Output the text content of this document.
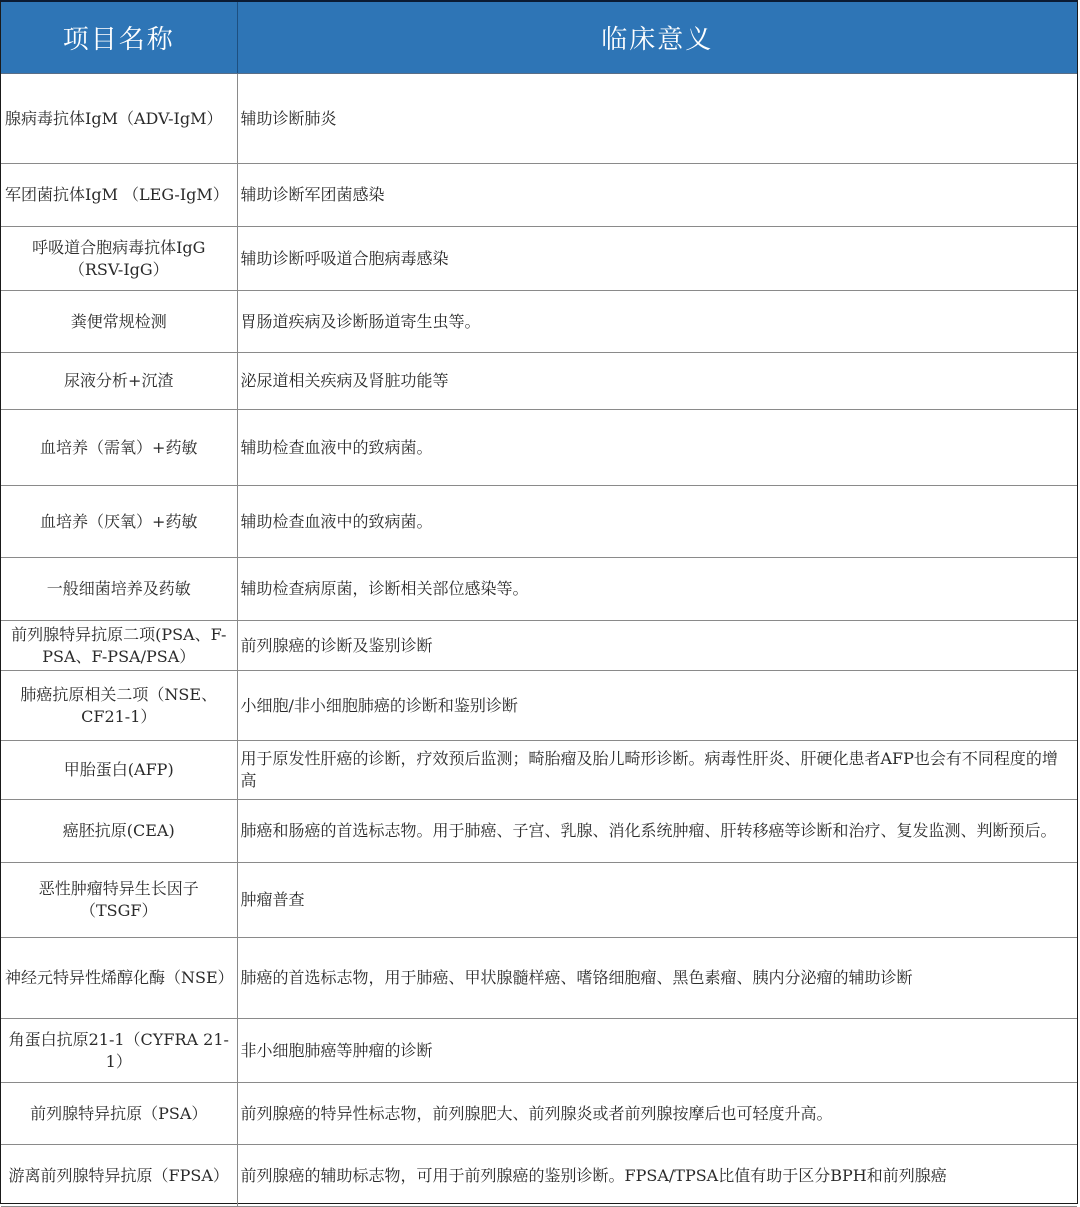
项目名称	临床意义
腺病毒抗体IgM（ADV-IgM）	辅助诊断肺炎
军团菌抗体IgM （LEG-IgM）	辅助诊断军团菌感染
呼吸道合胞病毒抗体IgG（RSV-IgG）	辅助诊断呼吸道合胞病毒感染
粪便常规检测	胃肠道疾病及诊断肠道寄生虫等。
尿液分析+沉渣	泌尿道相关疾病及肾脏功能等
血培养（需氧）+药敏	辅助检查血液中的致病菌。
血培养（厌氧）+药敏	辅助检查血液中的致病菌。
一般细菌培养及药敏	辅助检查病原菌，诊断相关部位感染等。
前列腺特异抗原二项(PSA、F-PSA、F-PSA/PSA）	前列腺癌的诊断及鉴别诊断
肺癌抗原相关二项（NSE、CF21-1）	小细胞/非小细胞肺癌的诊断和鉴别诊断
甲胎蛋白(AFP)	用于原发性肝癌的诊断，疗效预后监测；畸胎瘤及胎儿畸形诊断。病毒性肝炎、肝硬化患者AFP也会有不同程度的增高
癌胚抗原(CEA)	肺癌和肠癌的首选标志物。用于肺癌、子宫、乳腺、消化系统肿瘤、肝转移癌等诊断和治疗、复发监测、判断预后。
恶性肿瘤特异生长因子（TSGF）	肿瘤普查
神经元特异性烯醇化酶（NSE）	肺癌的首选标志物，用于肺癌、甲状腺髓样癌、嗜铬细胞瘤、黑色素瘤、胰内分泌瘤的辅助诊断
角蛋白抗原21-1（CYFRA 21-1）	非小细胞肺癌等肿瘤的诊断
前列腺特异抗原（PSA）	前列腺癌的特异性标志物，前列腺肥大、前列腺炎或者前列腺按摩后也可轻度升高。
游离前列腺特异抗原（FPSA）	前列腺癌的辅助标志物，可用于前列腺癌的鉴别诊断。FPSA/TPSA比值有助于区分BPH和前列腺癌
